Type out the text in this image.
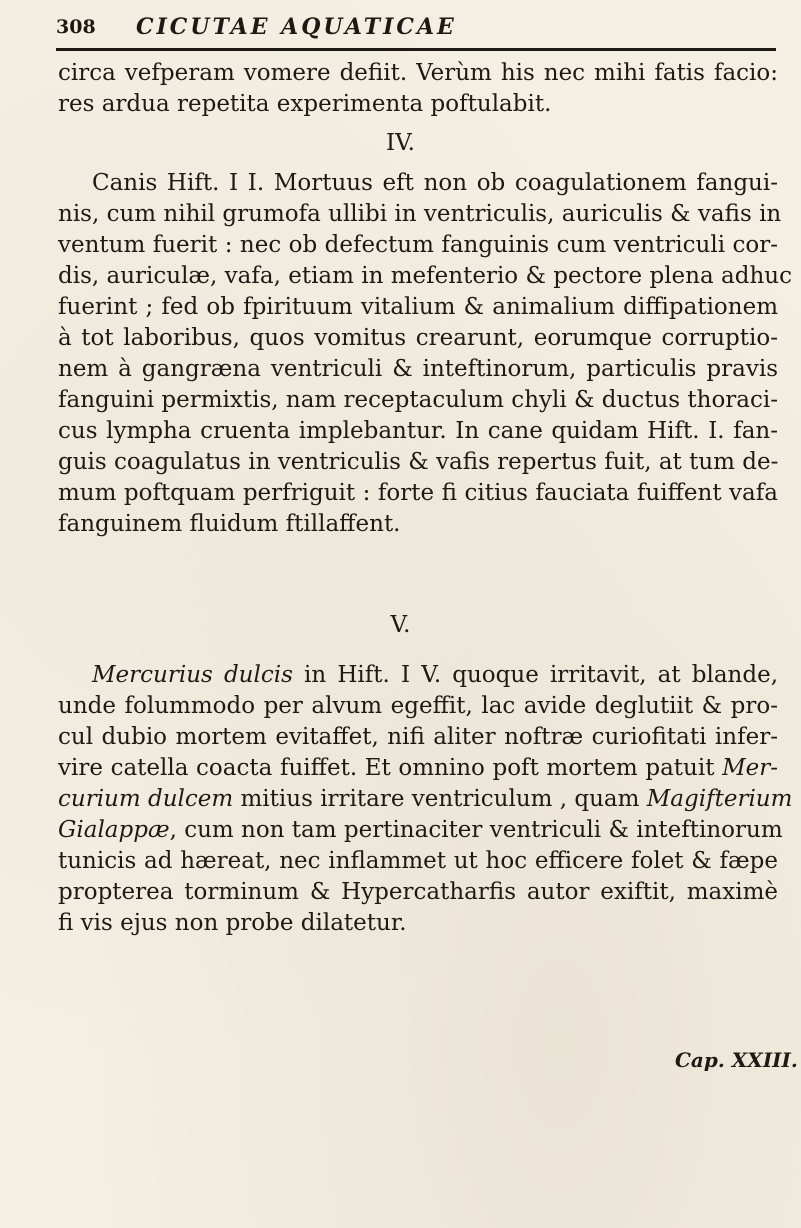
308 CICUTAE AQUATICAE
circa vefperam vomere defiit. Verùm his nec mihi fatis facio:
res ardua repetita experimenta poftulabit.
IV.
Canis Hift. I I. Mortuus eft non ob coagulationem fangui-
nis, cum nihil grumofa ullibi in ventriculis, auriculis & vafis in
ventum fuerit : nec ob defectum fanguinis cum ventriculi cor-
dis, auriculæ, vafa, etiam in mefenterio & pectore plena adhuc
fuerint ; fed ob fpirituum vitalium & animalium diffipationem
à tot laboribus, quos vomitus crearunt, eorumque corruptio-
nem à gangræna ventriculi & inteftinorum, particulis pravis
fanguini permixtis, nam receptaculum chyli & ductus thoraci-
cus lympha cruenta implebantur. In cane quidam Hift. I. fan-
guis coagulatus in ventriculis & vafis repertus fuit, at tum de-
mum poftquam perfriguit : forte fi citius fauciata fuiffent vafa
fanguinem fluidum ftillaffent.
V.
Mercurius dulcis in Hift. I V. quoque irritavit, at blande,
unde folummodo per alvum egeffit, lac avide deglutiit & pro-
cul dubio mortem evitaffet, nifi aliter noftræ curiofitati infer-
vire catella coacta fuiffet. Et omnino poft mortem patuit Mer-
curium dulcem mitius irritare ventriculum , quam Magifterium
Gialappæ, cum non tam pertinaciter ventriculi & inteftinorum
tunicis ad hæreat, nec inflammet ut hoc efficere folet & fæpe
propterea torminum & Hypercatharfis autor exiftit, maximè
fi vis ejus non probe dilatetur.
Cap. XXIII.
